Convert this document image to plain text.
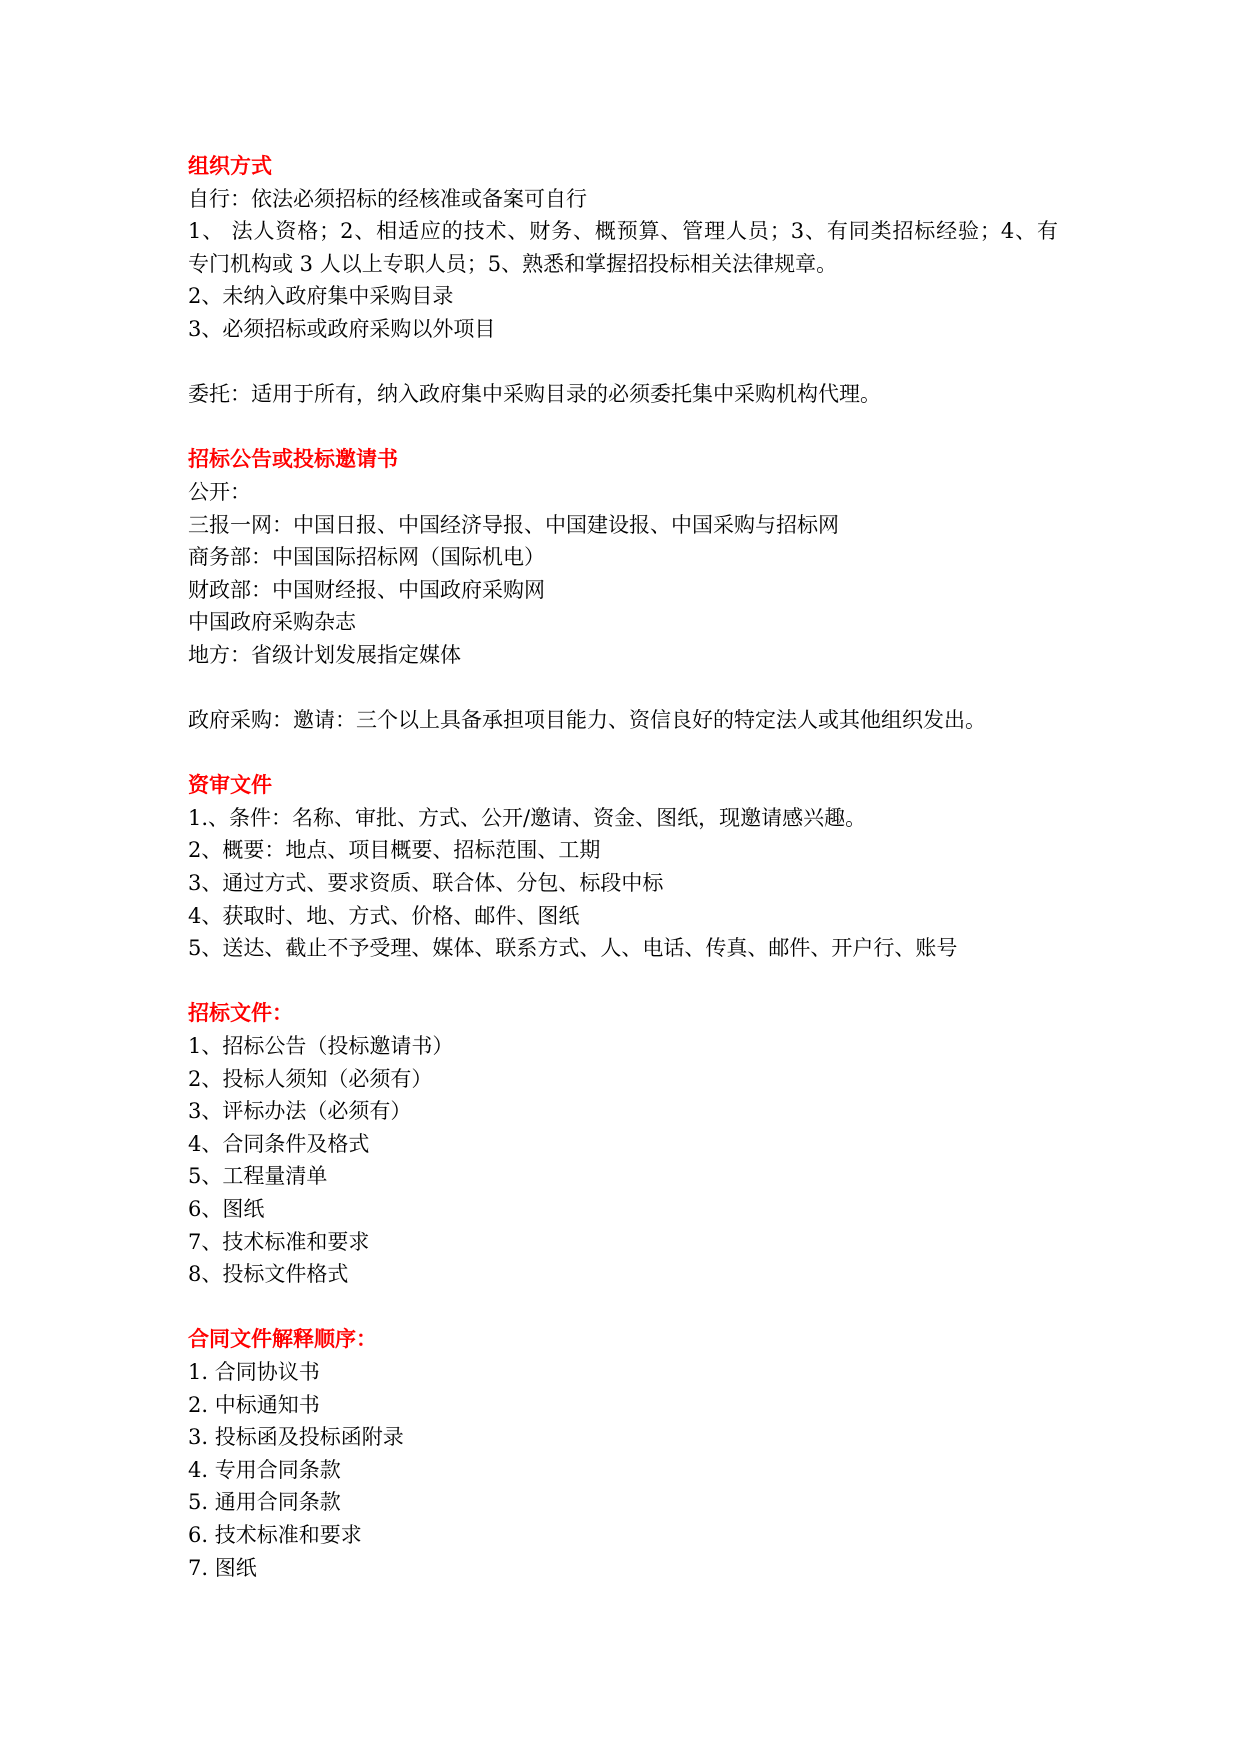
组织方式
自行：依法必须招标的经核准或备案可自行
1、 法人资格；2、相适应的技术、财务、概预算、管理人员；3、有同类招标经验；4、有
专门机构或 3 人以上专职人员；5、熟悉和掌握招投标相关法律规章。
2、未纳入政府集中采购目录
3、必须招标或政府采购以外项目
委托：适用于所有，纳入政府集中采购目录的必须委托集中采购机构代理。
招标公告或投标邀请书
公开：
三报一网：中国日报、中国经济导报、中国建设报、中国采购与招标网
商务部：中国国际招标网（国际机电）
财政部：中国财经报、中国政府采购网
中国政府采购杂志
地方：省级计划发展指定媒体
政府采购：邀请：三个以上具备承担项目能力、资信良好的特定法人或其他组织发出。
资审文件
1.、条件：名称、审批、方式、公开/邀请、资金、图纸，现邀请感兴趣。
2、概要：地点、项目概要、招标范围、工期
3、通过方式、要求资质、联合体、分包、标段中标
4、获取时、地、方式、价格、邮件、图纸
5、送达、截止不予受理、媒体、联系方式、人、电话、传真、邮件、开户行、账号
招标文件：
1、招标公告（投标邀请书）
2、投标人须知（必须有）
3、评标办法（必须有）
4、合同条件及格式
5、工程量清单
6、图纸
7、技术标准和要求
8、投标文件格式
合同文件解释顺序：
1. 合同协议书
2. 中标通知书
3. 投标函及投标函附录
4. 专用合同条款
5. 通用合同条款
6. 技术标准和要求
7. 图纸
